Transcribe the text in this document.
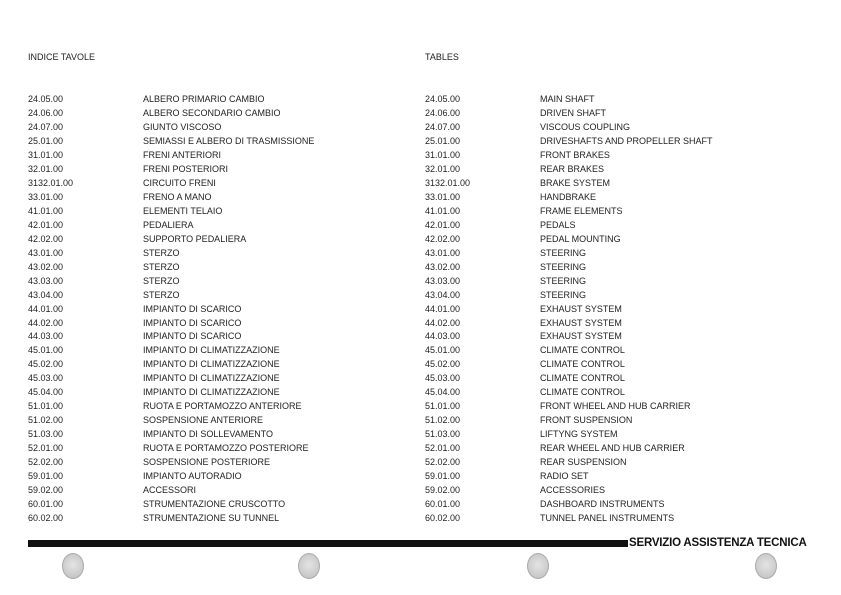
INDICE TAVOLE	TABLES
24.05.00	ALBERO PRIMARIO CAMBIO
24.06.00	ALBERO SECONDARIO CAMBIO
24.07.00	GIUNTO VISCOSO
25.01.00	SEMIASSI E ALBERO DI TRASMISSIONE
31.01.00	FRENI ANTERIORI
32.01.00	FRENI POSTERIORI
3132.01.00	CIRCUITO FRENI
33.01.00	FRENO A MANO
41.01.00	ELEMENTI TELAIO
42.01.00	PEDALIERA
42.02.00	SUPPORTO PEDALIERA
43.01.00	STERZO
43.02.00	STERZO
43.03.00	STERZO
43.04.00	STERZO
44.01.00	IMPIANTO DI SCARICO
44.02.00	IMPIANTO DI SCARICO
44.03.00	IMPIANTO DI SCARICO
45.01.00	IMPIANTO DI CLIMATIZZAZIONE
45.02.00	IMPIANTO DI CLIMATIZZAZIONE
45.03.00	IMPIANTO DI CLIMATIZZAZIONE
45.04.00	IMPIANTO DI CLIMATIZZAZIONE
51.01.00	RUOTA E PORTAMOZZO ANTERIORE
51.02.00	SOSPENSIONE ANTERIORE
51.03.00	IMPIANTO DI SOLLEVAMENTO
52.01.00	RUOTA E PORTAMOZZO POSTERIORE
52.02.00	SOSPENSIONE POSTERIORE
59.01.00	IMPIANTO AUTORADIO
59.02.00	ACCESSORI
60.01.00	STRUMENTAZIONE CRUSCOTTO
60.02.00	STRUMENTAZIONE SU TUNNEL
24.05.00	MAIN SHAFT
24.06.00	DRIVEN SHAFT
24.07.00	VISCOUS COUPLING
25.01.00	DRIVESHAFTS AND PROPELLER SHAFT
31.01.00	FRONT BRAKES
32.01.00	REAR BRAKES
3132.01.00	BRAKE SYSTEM
33.01.00	HANDBRAKE
41.01.00	FRAME ELEMENTS
42.01.00	PEDALS
42.02.00	PEDAL MOUNTING
43.01.00	STEERING
43.02.00	STEERING
43.03.00	STEERING
43.04.00	STEERING
44.01.00	EXHAUST SYSTEM
44.02.00	EXHAUST SYSTEM
44.03.00	EXHAUST SYSTEM
45.01.00	CLIMATE CONTROL
45.02.00	CLIMATE CONTROL
45.03.00	CLIMATE CONTROL
45.04.00	CLIMATE CONTROL
51.01.00	FRONT WHEEL AND HUB CARRIER
51.02.00	FRONT SUSPENSION
51.03.00	LIFTYNG SYSTEM
52.01.00	REAR WHEEL AND HUB CARRIER
52.02.00	REAR SUSPENSION
59.01.00	RADIO SET
59.02.00	ACCESSORIES
60.01.00	DASHBOARD INSTRUMENTS
60.02.00	TUNNEL PANEL INSTRUMENTS
SERVIZIO ASSISTENZA TECNICA
